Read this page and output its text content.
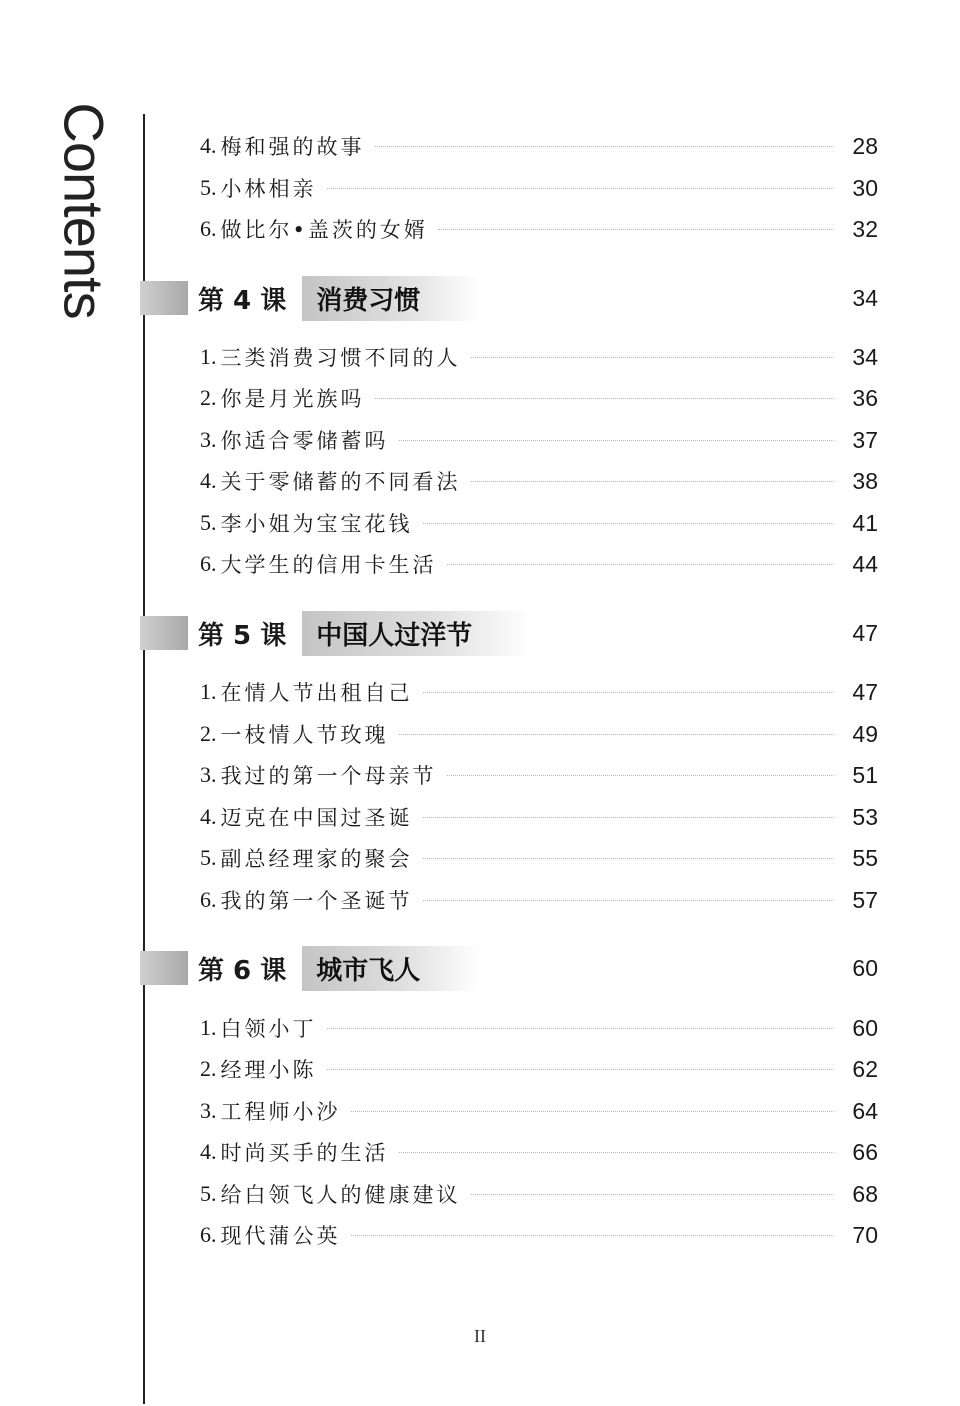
Contents	4. 梅和强的故事	28
5. 小林相亲	30
6. 做比尔•盖茨的女婿	32
第 4 课	消费习惯	34
1. 三类消费习惯不同的人	34
2. 你是月光族吗	36
3. 你适合零储蓄吗	37
4. 关于零储蓄的不同看法	38
5. 李小姐为宝宝花钱	41
6. 大学生的信用卡生活	44
第 5 课	中国人过洋节	47
1. 在情人节出租自己	47
2. 一枝情人节玫瑰	49
3. 我过的第一个母亲节	51
4. 迈克在中国过圣诞	53
5. 副总经理家的聚会	55
6. 我的第一个圣诞节	57
第 6 课	城市飞人	60
1. 白领小丁	60
2. 经理小陈	62
3. 工程师小沙	64
4. 时尚买手的生活	66
5. 给白领飞人的健康建议	68
6. 现代蒲公英	70
II
